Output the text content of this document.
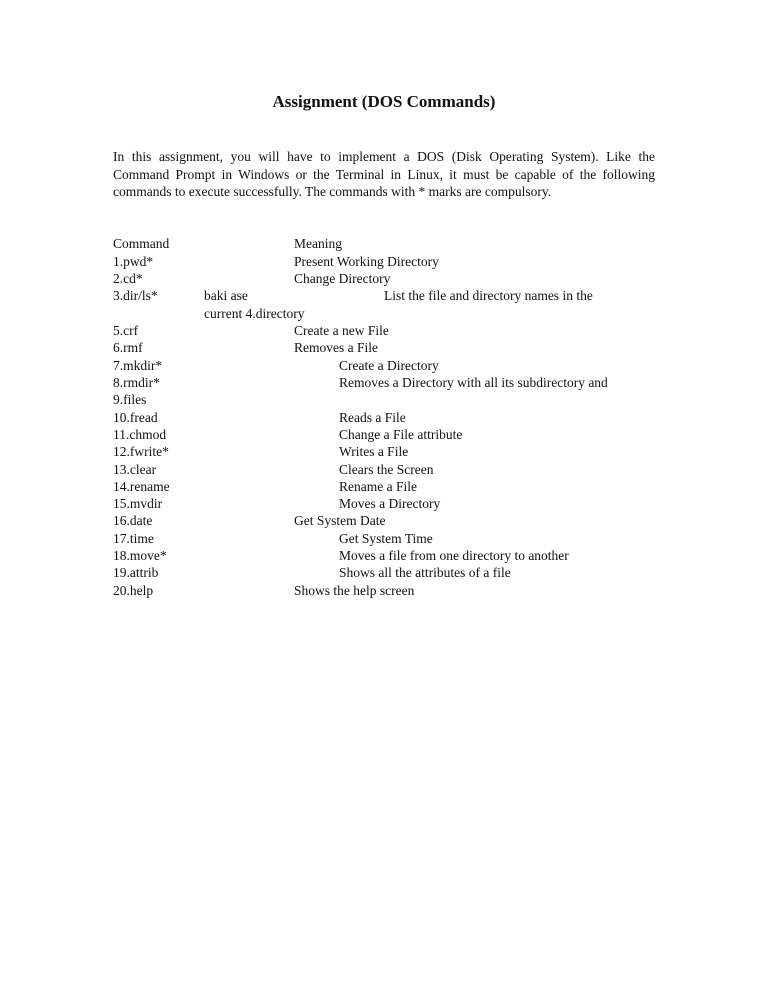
Assignment (DOS Commands)

In this assignment, you will have to implement a DOS (Disk Operating System). Like the Command Prompt in Windows or the Terminal in Linux, it must be capable of the following commands to execute successfully. The commands with * marks are compulsory.

Command	Meaning
1.pwd*	Present Working Directory
2.cd*	Change Directory
3.dir/ls*	baki ase	List the file and directory names in the
current 4.directory
5.crf	Create a new File
6.rmf	Removes a File
7.mkdir*	Create a Directory
8.rmdir*	Removes a Directory with all its subdirectory and
9.files
10.fread	Reads a File
11.chmod	Change a File attribute
12.fwrite*	Writes a File
13.clear	Clears the Screen
14.rename	Rename a File
15.mvdir	Moves a Directory
16.date	Get System Date
17.time	Get System Time
18.move*	Moves a file from one directory to another
19.attrib	Shows all the attributes of a file
20.help	Shows the help screen
